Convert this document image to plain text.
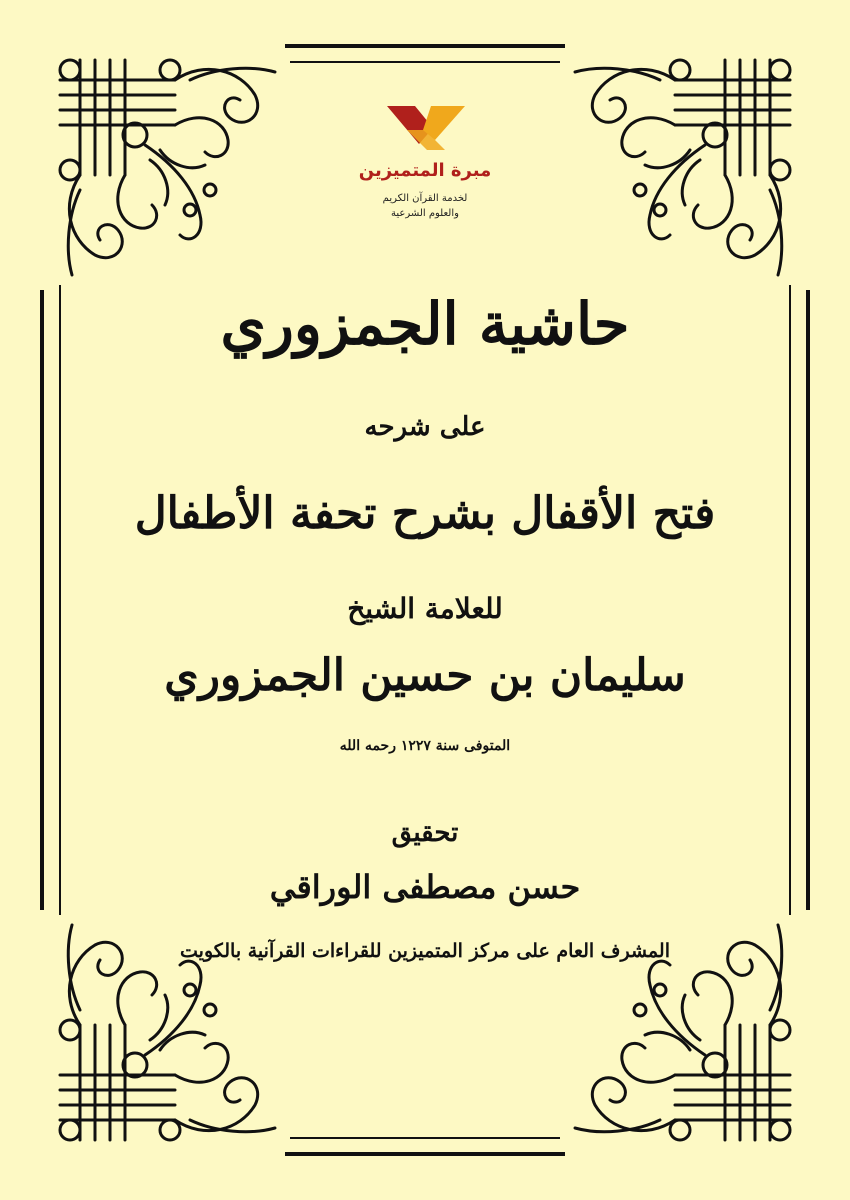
مبرة المتميزين
لخدمة القرآن الكريم
والعلوم الشرعية
حاشية الجمزوري
على شرحه
فتح الأقفال بشرح تحفة الأطفال
للعلامة الشيخ
سليمان بن حسين الجمزوري
المتوفى سنة ١٢٢٧ رحمه الله
تحقيق
حسن مصطفى الوراقي
المشرف العام على مركز المتميزين للقراءات القرآنية بالكويت
